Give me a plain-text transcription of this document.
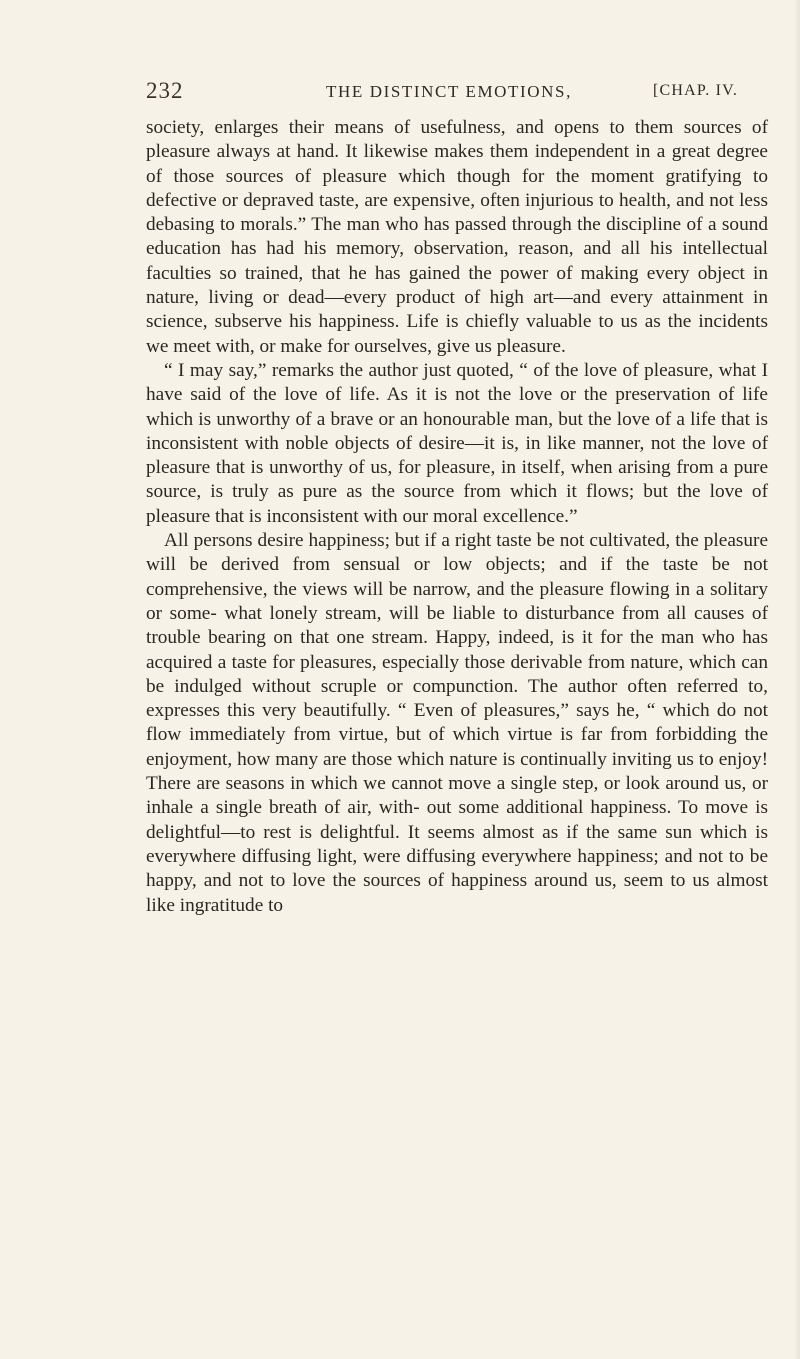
232	THE DISTINCT EMOTIONS,	[CHAP. IV.

society, enlarges their means of usefulness, and opens to them sources of pleasure always at hand. It likewise makes them independent in a great degree of those sources of pleasure which though for the moment gratifying to defective or depraved taste, are expensive, often injurious to health, and not less debasing to morals.” The man who has passed through the discipline of a sound education has had his memory, observation, reason, and all his intellectual faculties so trained, that he has gained the power of making every object in nature, living or dead—every product of high art—and every attainment in science, subserve his happiness. Life is chiefly valuable to us as the incidents we meet with, or make for ourselves, give us pleasure.

“ I may say,” remarks the author just quoted, “ of the love of pleasure, what I have said of the love of life. As it is not the love or the preservation of life which is unworthy of a brave or an honourable man, but the love of a life that is inconsistent with noble objects of desire—it is, in like manner, not the love of pleasure that is unworthy of us, for pleasure, in itself, when arising from a pure source, is truly as pure as the source from which it flows; but the love of pleasure that is inconsistent with our moral excellence.”

All persons desire happiness; but if a right taste be not cultivated, the pleasure will be derived from sensual or low objects; and if the taste be not comprehensive, the views will be narrow, and the pleasure flowing in a solitary or some- what lonely stream, will be liable to disturbance from all causes of trouble bearing on that one stream. Happy, indeed, is it for the man who has acquired a taste for pleasures, especially those derivable from nature, which can be indulged without scruple or compunction. The author often referred to, expresses this very beautifully. “ Even of pleasures,” says he, “ which do not flow immediately from virtue, but of which virtue is far from forbidding the enjoyment, how many are those which nature is continually inviting us to enjoy! There are seasons in which we cannot move a single step, or look around us, or inhale a single breath of air, with- out some additional happiness. To move is delightful—to rest is delightful. It seems almost as if the same sun which is everywhere diffusing light, were diffusing everywhere happiness; and not to be happy, and not to love the sources of happiness around us, seem to us almost like ingratitude to
